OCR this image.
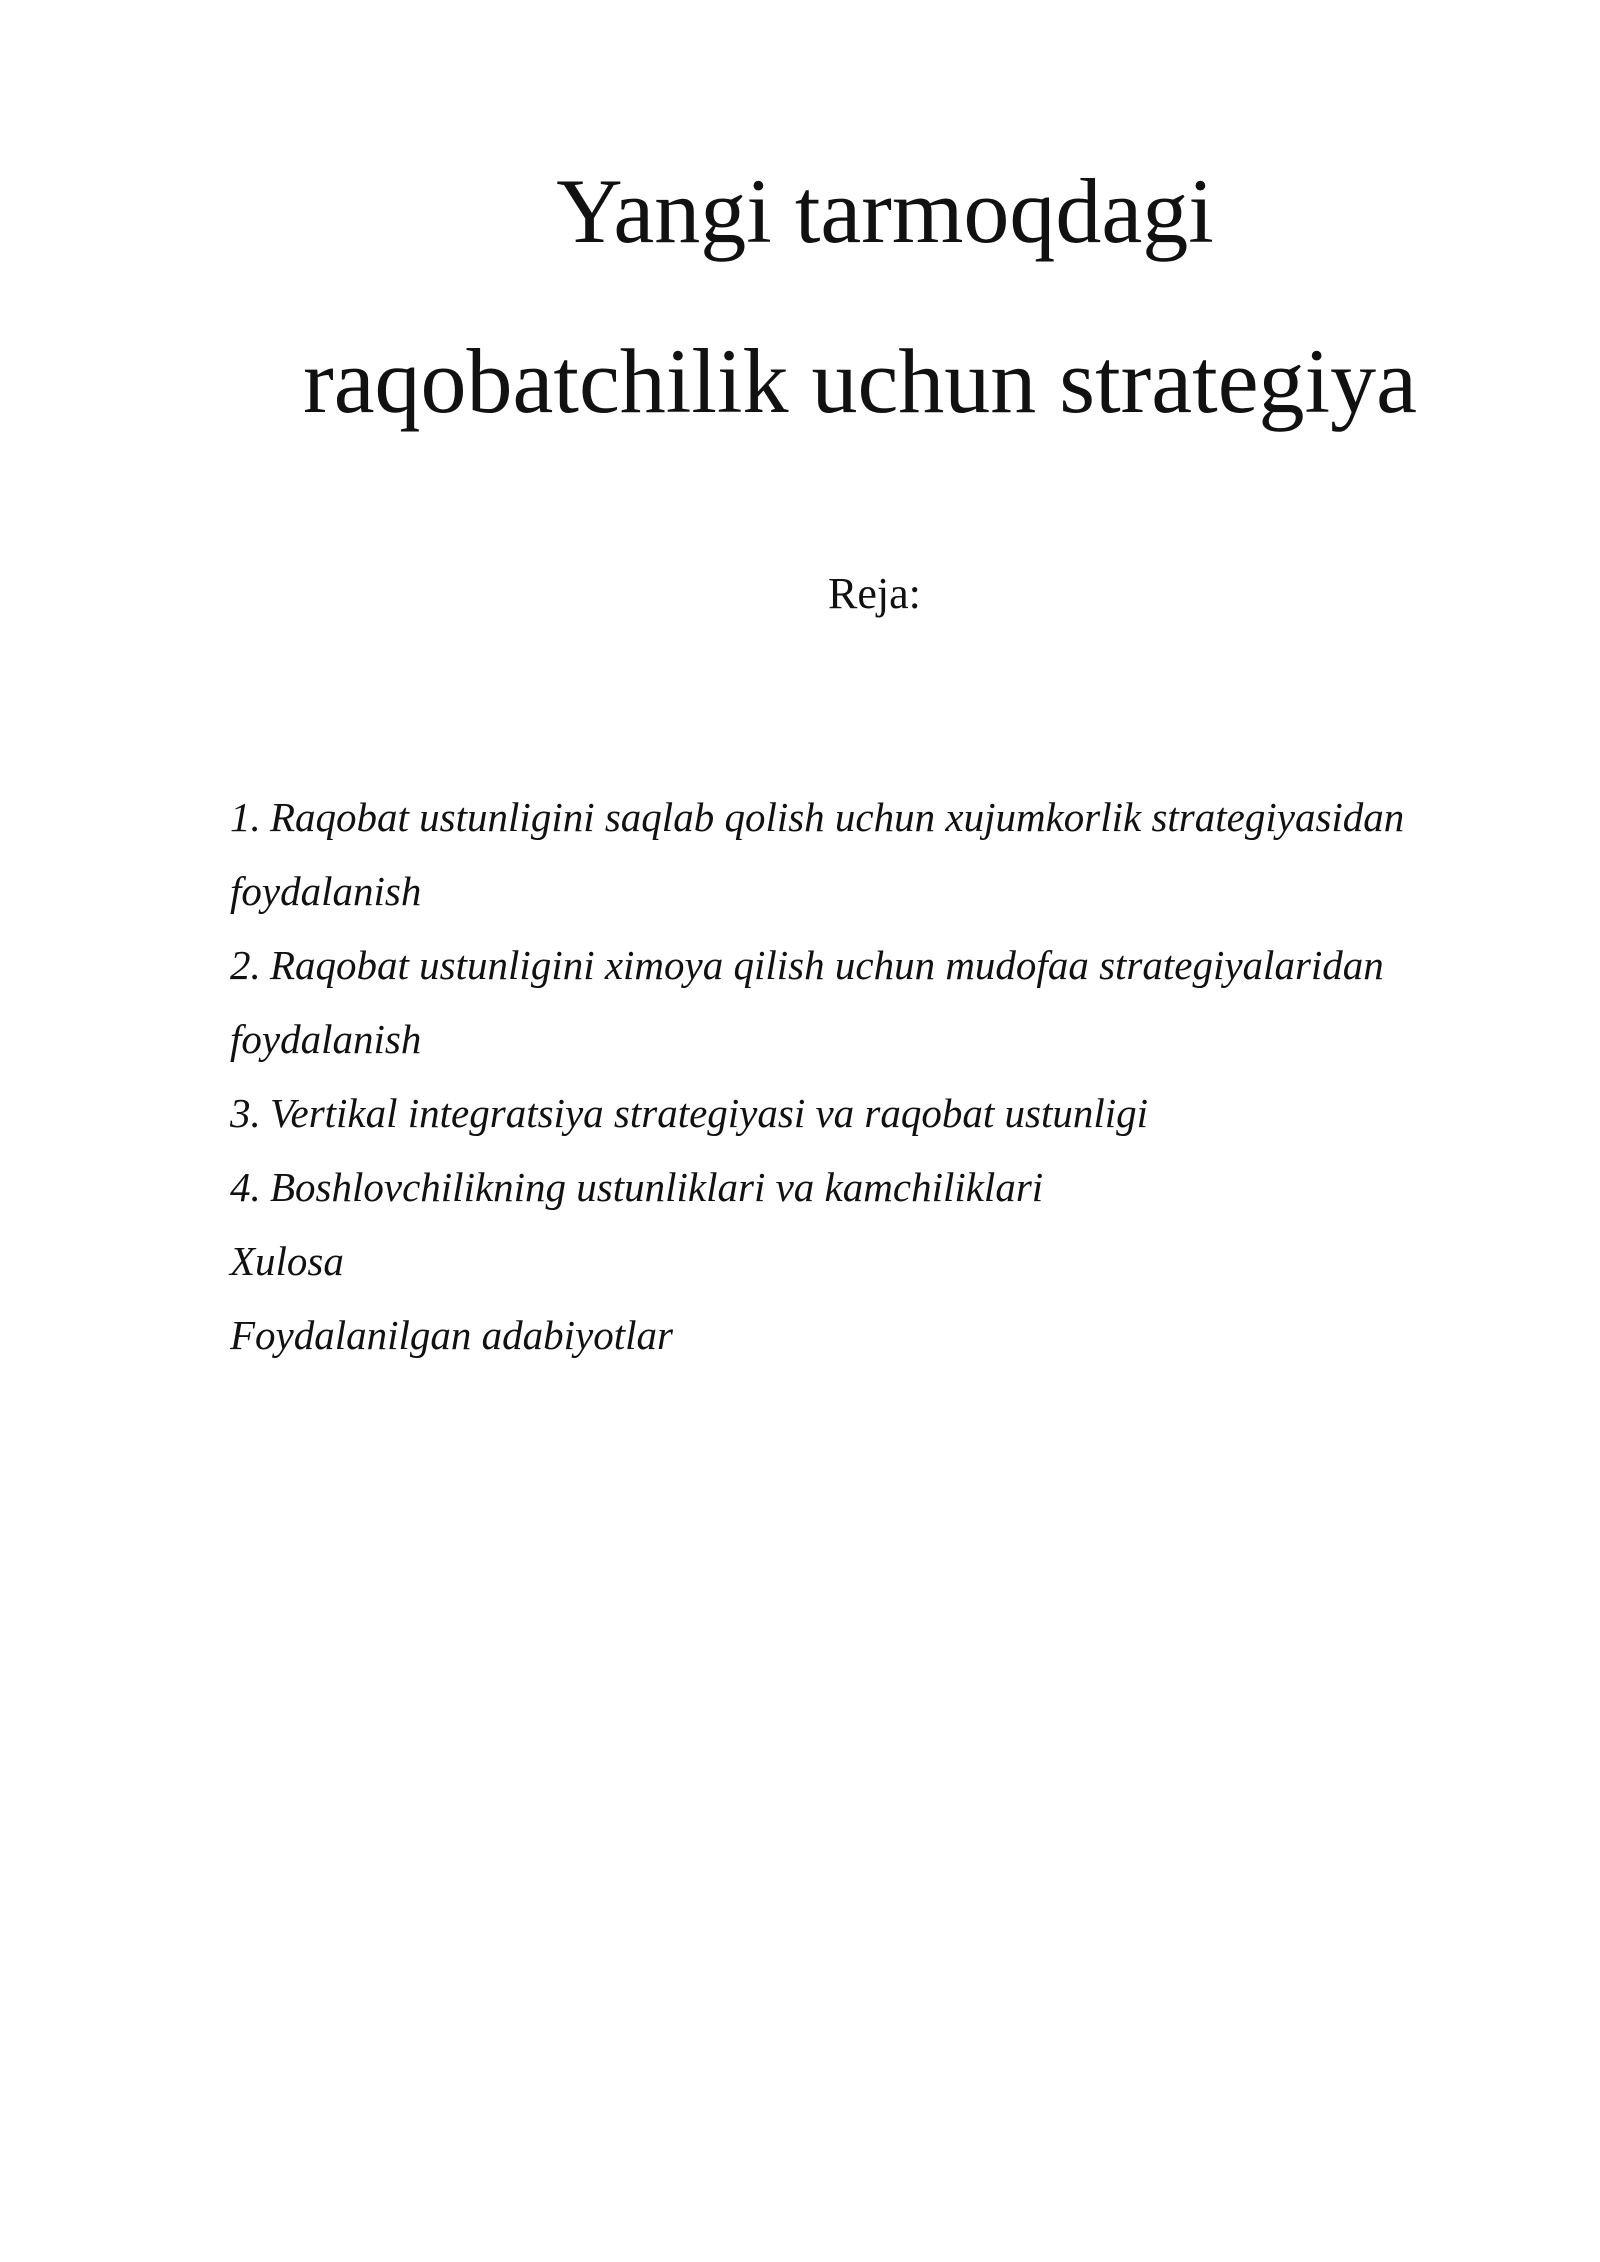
Yangi tarmoqdagi
raqobatchilik uchun strategiya
Reja:
1. Raqobat ustunligini saqlab qolish uchun xujumkorlik strategiyasidan
foydalanish
2. Raqobat ustunligini ximoya qilish uchun mudofaa strategiyalaridan
foydalanish
3. Vertikal integratsiya strategiyasi va raqobat ustunligi
4. Boshlovchilikning ustunliklari va kamchiliklari
Xulosa
Foydalanilgan adabiyotlar
